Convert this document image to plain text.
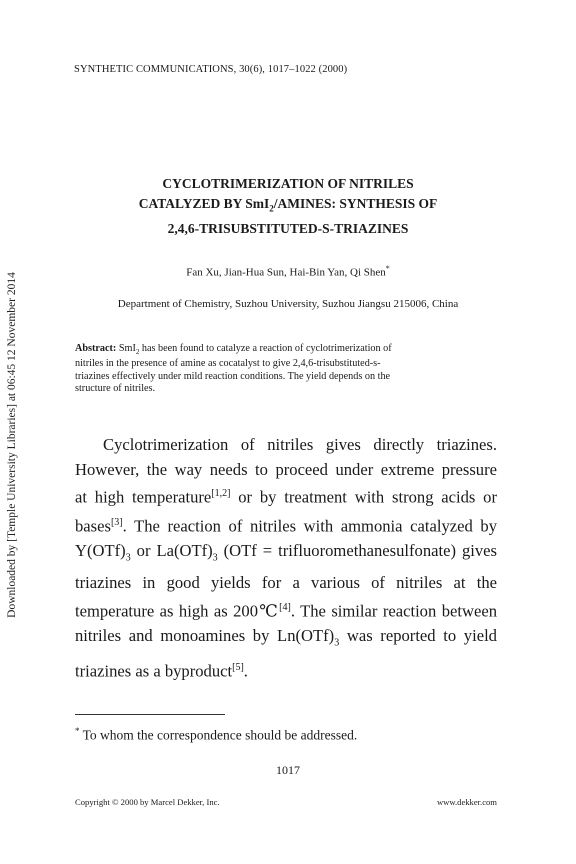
Downloaded by [Temple University Libraries] at 06:45 12 November 2014
SYNTHETIC COMMUNICATIONS, 30(6), 1017–1022 (2000)
CYCLOTRIMERIZATION OF NITRILES
CATALYZED BY SmI$_2$/AMINES: SYNTHESIS OF
2,4,6-TRISUBSTITUTED-S-TRIAZINES
Fan Xu, Jian-Hua Sun, Hai-Bin Yan, Qi Shen*
Department of Chemistry, Suzhou University, Suzhou Jiangsu 215006, China
Abstract: SmI$_2$ has been found to catalyze a reaction of cyclotrimerization of
nitriles in the presence of amine as cocatalyst to give 2,4,6-trisubstituted-s-
triazines effectively under mild reaction conditions. The yield depends on the
structure of nitriles.
Cyclotrimerization of nitriles gives directly triazines.
However, the way needs to proceed under extreme pressure
at high temperature[1,2] or by treatment with strong acids or
bases[3]. The reaction of nitriles with ammonia catalyzed by
$Y(OTf)_3$ or $La(OTf)_3$ (OTf = trifluoromethanesulfonate) gives
triazines in good yields for a various of nitriles at the
temperature as high as 200℃[4]. The similar reaction between
nitriles and monoamines by $Ln(OTf)_3$ was reported to yield
triazines as a byproduct[5].
* To whom the correspondence should be addressed.
1017
Copyright © 2000 by Marcel Dekker, Inc.	www.dekker.com
